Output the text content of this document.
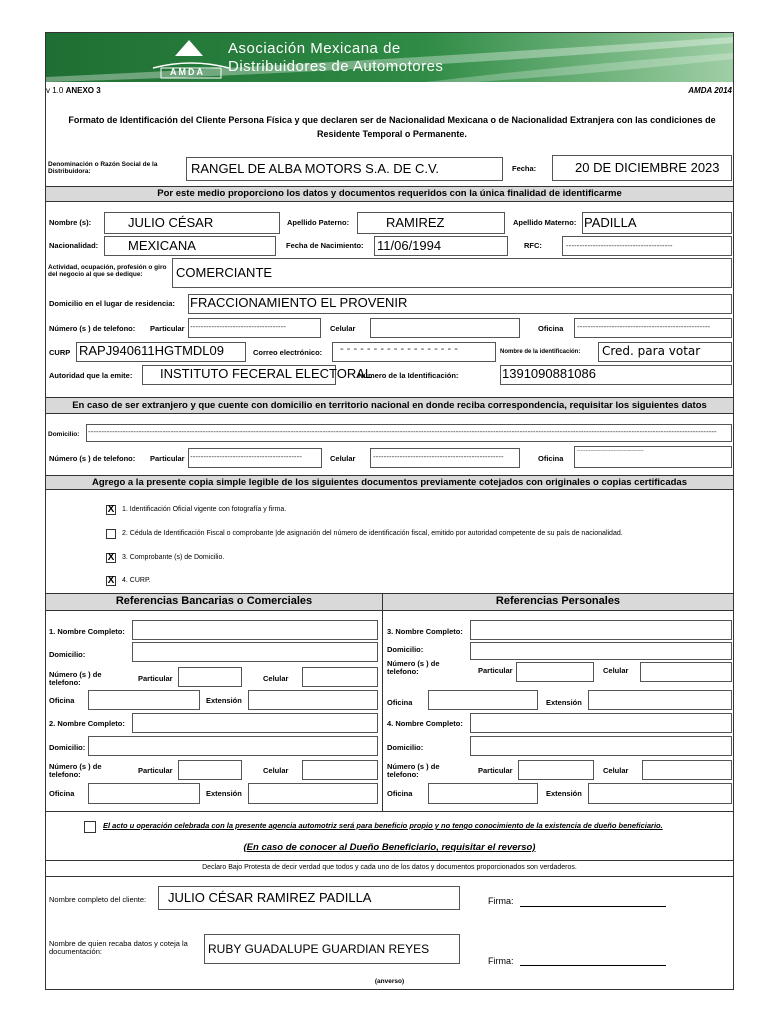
AMDA
Asociación Mexicana de
Distribuidores de Automotores
v 1.0 ANEXO 3	AMDA 2014
Formato de Identificación del Cliente Persona Física y que declaren ser de Nacionalidad Mexicana o de Nacionalidad Extranjera con las condiciones de Residente Temporal o Permanente.
Denominación o Razón Social de la Distribuidora:	RANGEL DE ALBA MOTORS S.A. DE C.V.	Fecha:	20 DE DICIEMBRE 2023
Por este medio proporciono los datos y documentos requeridos con la única finalidad de identificarme
Nombre (s):	JULIO CÉSAR	Apellido Paterno:	RAMIREZ	Apellido Materno: PADILLA
Nacionalidad: MEXICANA	Fecha de Nacimiento: 11/06/1994	RFC:	----------------------------------------
Actividad, ocupación, profesión o giro del negocio al que se dedique:	COMERCIANTE
Domicilio en el lugar de residencia: FRACCIONAMIENTO EL PROVENIR
Número (s ) de telefono: Particular ------------------------------------	Celular	Oficina --------------------------------------------------
CURP RAPJ940611HGTMDL09	Correo electrónico: - - - - - - - - - - - - - - - - - -	Nombre de la identificación: Cred. para votar
Autoridad que la emite: INSTITUTO FECERAL ELECTORAL
Número de la Identificación:	1391090881086
En caso de ser extranjero y que cuente con domicilio en territorio nacional en donde reciba correspondencia, requisitar los siguientes datos
Domicilio: --------------------------------------------------------------------------------------------------------------------------------------------------------------------------------------------------------------------------------------------
Número (s ) de telefono: Particular ------------------------------------------	Celular -------------------------------------------------	Oficina
----------------------------------------
Agrego a la presente copia simple legible de los siguientes documentos previamente cotejados con originales o copias certificadas
X 1. Identificación Oficial vigente con fotografía y firma.
2. Cédula de Identificación Fiscal o comprobante |de asignación del número de identificación fiscal, emitido por autoridad competente de su país de nacionalidad.
X 3. Comprobante (s) de Domicilio.
X 4. CURP.
Referencias Bancarias o Comerciales	Referencias Personales
1. Nombre Completo:
Domicilio:
Número (s ) de telefono:	Particular	Celular
Oficina	Extensión
2. Nombre Completo:
Domicilio:
Número (s ) de telefono:	Particular	Celular
Oficina	Extensión
3. Nombre Completo:
Domicilio:
Número (s ) de telefono:	Particular	Celular
Oficina	Extensión
4. Nombre Completo:
Domicilio:
Número (s ) de telefono:	Particular	Celular
Oficina	Extensión
El acto u operación celebrada con la presente agencia automotriz será para beneficio propio y no tengo conocimiento de la existencia de dueño beneficiario.
(En caso de conocer al Dueño Beneficiario, requisitar el reverso)
Declaro Bajo Protesta de decir verdad que todos y cada uno de los datos y documentos proporcionados son verdaderos.
Nombre completo del cliente: JULIO CÉSAR RAMIREZ PADILLA	Firma:
Nombre de quien recaba datos y coteja la documentación:	RUBY GUADALUPE GUARDIAN REYES
Firma:
(anverso)
